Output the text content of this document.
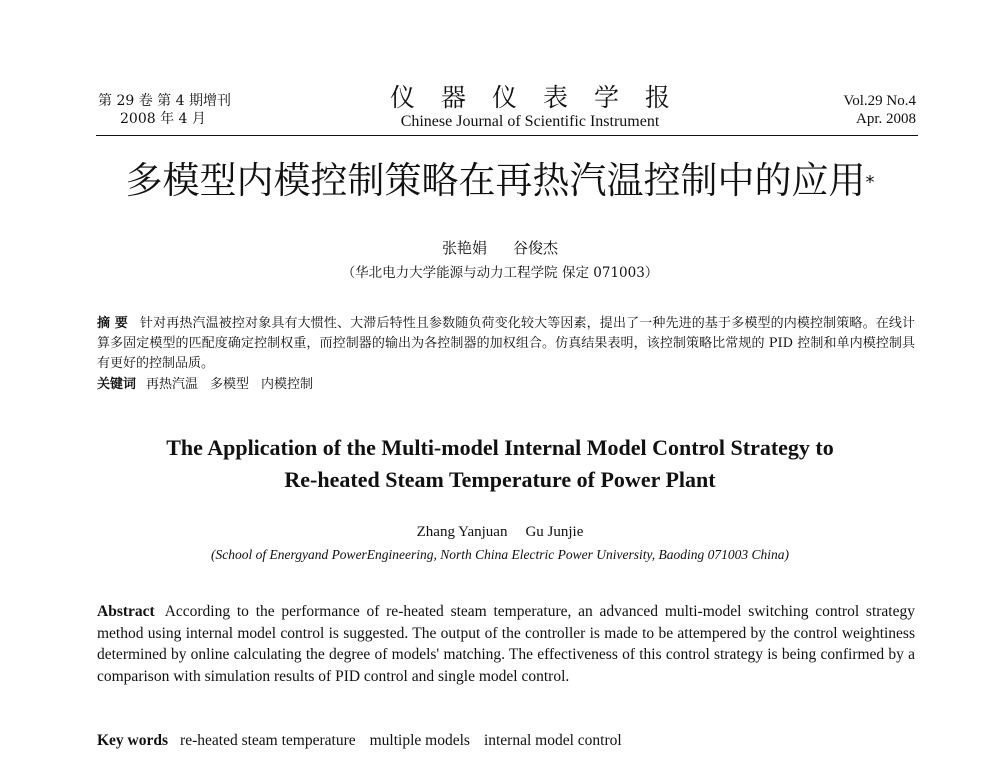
第 29 卷 第 4 期增刊
2008 年 4 月
仪器仪表学报
Chinese Journal of Scientific Instrument
Vol.29 No.4
Apr. 2008
多模型内模控制策略在再热汽温控制中的应用*
张艳娟 谷俊杰
（华北电力大学能源与动力工程学院 保定 071003）
摘 要 针对再热汽温被控对象具有大惯性、大滞后特性且参数随负荷变化较大等因素，提出了一种先进的基于多模型的内模控制策略。在线计算多固定模型的匹配度确定控制权重，而控制器的输出为各控制器的加权组合。仿真结果表明，该控制策略比常规的 PID 控制和单内模控制具有更好的控制品质。
关键词 再热汽温 多模型 内模控制
The Application of the Multi-model Internal Model Control Strategy to
Re-heated Steam Temperature of Power Plant
Zhang Yanjuan Gu Junjie
(School of Energyand PowerEngineering, North China Electric Power University, Baoding 071003 China)
Abstract According to the performance of re-heated steam temperature, an advanced multi-model switching control strategy method using internal model control is suggested. The output of the controller is made to be attempered by the control weightiness determined by online calculating the degree of models' matching. The effectiveness of this control strategy is being confirmed by a comparison with simulation results of PID control and single model control.
Key words re-heated steam temperature multiple models internal model control
